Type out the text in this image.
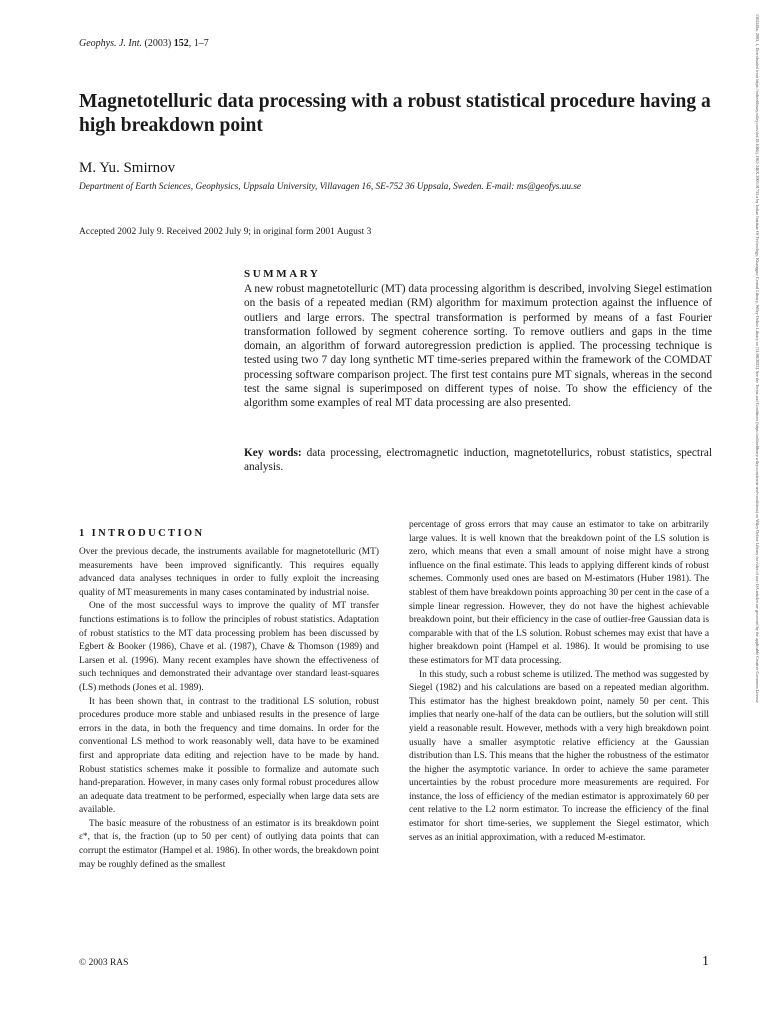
Geophys. J. Int. (2003) 152, 1–7
Magnetotelluric data processing with a robust statistical procedure having a high breakdown point
M. Yu. Smirnov
Department of Earth Sciences, Geophysics, Uppsala University, Villavagen 16, SE-752 36 Uppsala, Sweden. E-mail: ms@geofys.uu.se
Accepted 2002 July 9. Received 2002 July 9; in original form 2001 August 3
SUMMARY
A new robust magnetotelluric (MT) data processing algorithm is described, involving Siegel estimation on the basis of a repeated median (RM) algorithm for maximum protection against the influence of outliers and large errors. The spectral transformation is performed by means of a fast Fourier transformation followed by segment coherence sorting. To remove outliers and gaps in the time domain, an algorithm of forward autoregression prediction is applied. The processing technique is tested using two 7 day long synthetic MT time-series prepared within the framework of the COMDAT processing software comparison project. The first test contains pure MT signals, whereas in the second test the same signal is superimposed on different types of noise. To show the efficiency of the algorithm some examples of real MT data processing are also presented.
Key words: data processing, electromagnetic induction, magnetotellurics, robust statistics, spectral analysis.
1 INTRODUCTION

Over the previous decade, the instruments available for magnetotelluric (MT) measurements have been improved significantly. This requires equally advanced data analyses techniques in order to fully exploit the increasing quality of MT measurements in many cases contaminated by industrial noise.

One of the most successful ways to improve the quality of MT transfer functions estimations is to follow the principles of robust statistics. Adaptation of robust statistics to the MT data processing problem has been discussed by Egbert & Booker (1986), Chave et al. (1987), Chave & Thomson (1989) and Larsen et al. (1996). Many recent examples have shown the effectiveness of such techniques and demonstrated their advantage over standard least-squares (LS) methods (Jones et al. 1989).

It has been shown that, in contrast to the traditional LS solution, robust procedures produce more stable and unbiased results in the presence of large errors in the data, in both the frequency and time domains. In order for the conventional LS method to work reasonably well, data have to be examined first and appropriate data editing and rejection have to be made by hand. Robust statistics schemes make it possible to formalize and automate such hand-preparation. However, in many cases only formal robust procedures allow an adequate data treatment to be performed, especially when large data sets are available.

The basic measure of the robustness of an estimator is its breakdown point ε*, that is, the fraction (up to 50 per cent) of outlying data points that can corrupt the estimator (Hampel et al. 1986). In other words, the breakdown point may be roughly defined as the smallest

percentage of gross errors that may cause an estimator to take on arbitrarily large values. It is well known that the breakdown point of the LS solution is zero, which means that even a small amount of noise might have a strong influence on the final estimate. This leads to applying different kinds of robust schemes. Commonly used ones are based on M-estimators (Huber 1981). The stablest of them have breakdown points approaching 30 per cent in the case of a simple linear regression. However, they do not have the highest achievable breakdown point, but their efficiency in the case of outlier-free Gaussian data is comparable with that of the LS solution. Robust schemes may exist that have a higher breakdown point (Hampel et al. 1986). It would be promising to use these estimators for MT data processing.

In this study, such a robust scheme is utilized. The method was suggested by Siegel (1982) and his calculations are based on a repeated median algorithm. This estimator has the highest breakdown point, namely 50 per cent. This implies that nearly one-half of the data can be outliers, but the solution will still yield a reasonable result. However, methods with a very high breakdown point usually have a smaller asymptotic relative efficiency at the Gaussian distribution than LS. This means that the higher the robustness of the estimator the higher the asymptotic variance. In order to achieve the same parameter uncertainties by the robust procedure more measurements are required. For instance, the loss of efficiency of the median estimator is approximately 60 per cent relative to the L2 norm estimator. To increase the efficiency of the final estimator for short time-series, we supplement the Siegel estimator, which serves as an initial approximation, with a reduced M-estimator.

© 2003 RAS	1
1365246x, 2003, 1, Downloaded from https://onlinelibrary.wiley.com/doi/10.1046/j.1365-246X.2003.01733.x by Indian Institute Of Technology, Kharagpur Central Library, Wiley Online Library on [31/08/2023]. See the Terms and Conditions (https://onlinelibrary.wiley.com/terms-and-conditions) on Wiley Online Library for rules of use; OA articles are governed by the applicable Creative Commons License
